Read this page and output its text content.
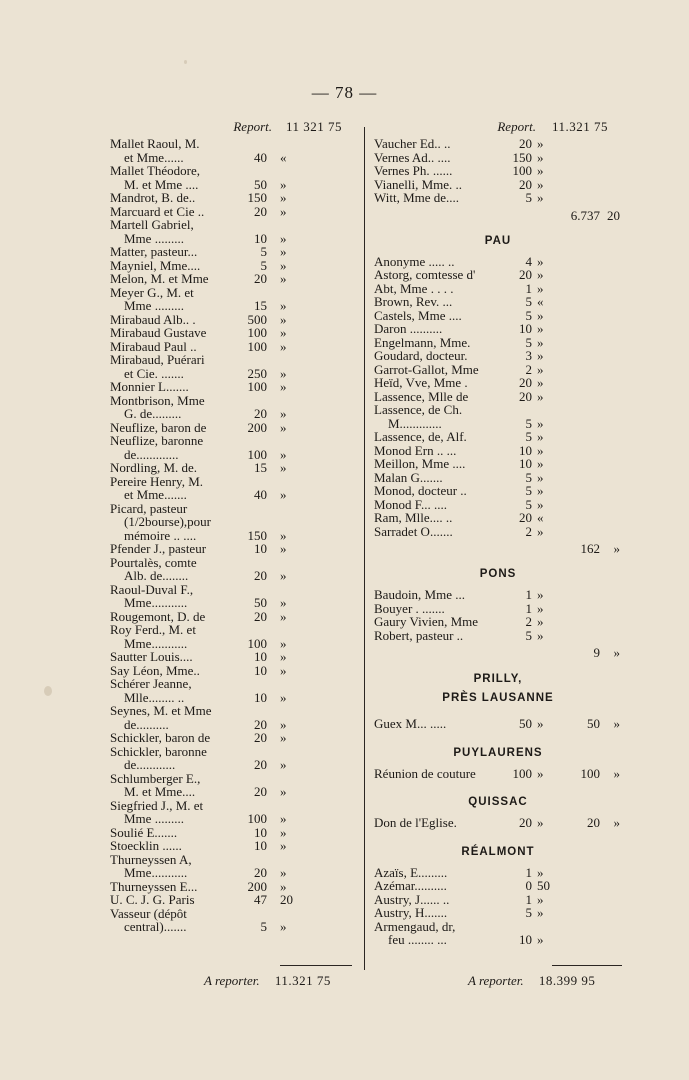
— 78 —
Report. 11 321 75
Mallet Raoul, M.
et Mme......	40 «
Mallet Théodore,
M. et Mme ....	50 »
Mandrot, B. de..	150 »
Marcuard et Cie ..	20 »
Martell Gabriel,
Mme .........	10 »
Matter, pasteur...	5 »
Mayniel, Mme....	5 »
Melon, M. et Mme	20 »
Meyer G., M. et
Mme .........	15 »
Mirabaud Alb.. .	500 »
Mirabaud Gustave	100 »
Mirabaud Paul ..	100 »
Mirabaud, Puérari
et Cie. .......	250 »
Monnier L.......	100 »
Montbrison, Mme
G. de.........	20 »
Neuflize, baron de	200 »
Neuflize, baronne
de.............	100 »
Nordling, M. de.	15 »
Pereire Henry, M.
et Mme.......	40 »
Picard, pasteur
(1/2bourse),pour
mémoire .. ....	150 »
Pfender J., pasteur	10 »
Pourtalès, comte
Alb. de........	20 »
Raoul-Duval F.,
Mme...........	50 »
Rougemont, D. de	20 »
Roy Ferd., M. et
Mme...........	100 »
Sautter Louis....	10 »
Say Léon, Mme..	10 »
Schérer Jeanne,
Mlle........ ..	10 »
Seynes, M. et Mme
de..........	20 »
Schickler, baron de	20 »
Schickler, baronne
de............	20 »
Schlumberger E.,
M. et Mme....	20 »
Siegfried J., M. et
Mme .........	100 »
Soulié E.......	10 »
Stoecklin ......	10 »
Thurneyssen A,
Mme...........	20 »
Thurneyssen E...	200 »
U. C. J. G. Paris	47 20
Vasseur (dépôt
central).......	5 »
Report. 11.321 75
Vaucher Ed.. ..	20 »
Vernes Ad.. ....	150 »
Vernes Ph. ......	100 »
Vianelli, Mme. ..	20 »
Witt, Mme de....	5 »
6.737 20
PAU
Anonyme ..... ..	4 »
Astorg, comtesse d'	20 »
Abt, Mme . . . .	1 »
Brown, Rev. ...	5 «
Castels, Mme ....	5 »
Daron ..........	10 »
Engelmann, Mme.	5 »
Goudard, docteur.	3 »
Garrot-Gallot, Mme	2 »
Heïd, Vve, Mme .	20 »
Lassence, Mlle de	20 »
Lassence, de Ch.
M.............	5 »
Lassence, de, Alf.	5 »
Monod Ern .. ...	10 »
Meillon, Mme ....	10 »
Malan G.......	5 »
Monod, docteur ..	5 »
Monod F... ....	5 »
Ram, Mlle.... ..	20 «
Sarradet O.......	2 »
162	»
PONS
Baudoin, Mme ...	1 »
Bouyer . .......	1 »
Gaury Vivien, Mme	2 »
Robert, pasteur ..	5 »
9	»
PRILLY,
PRÈS LAUSANNE
Guex M... .....	50 »	50	»
PUYLAURENS
Réunion de couture	100 »	100	»
QUISSAC
Don de l'Eglise.	20 »	20	»
RÉALMONT
Azaïs, E.........	1 »
Azémar..........	0 50
Austry, J...... ..	1 »
Austry, H.......	5 »
Armengaud, dr,
feu ........ ...	10 »
A reporter. 11.321 75	A reporter. 18.399 95
